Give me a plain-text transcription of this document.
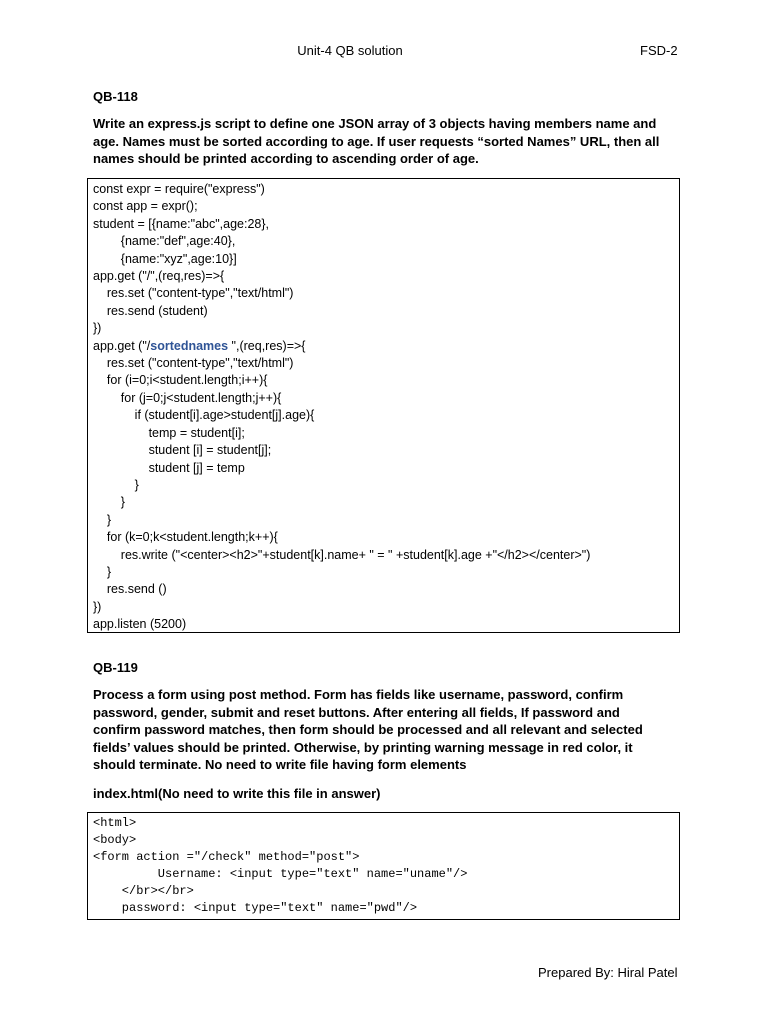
Unit-4 QB solution	FSD-2
QB-118
Write an express.js script to define one JSON array of 3 objects having members name and age. Names must be sorted according to age. If user requests “sorted Names” URL, then all names should be printed according to ascending order of age.
const expr = require("express")
const app = expr();
student = [{name:"abc",age:28},
{name:"def",age:40},
{name:"xyz",age:10}]
app.get ("/",(req,res)=>{
res.set ("content-type","text/html")
res.send (student)
})
app.get ("/sortednames ",(req,res)=>{
res.set ("content-type","text/html")
for (i=0;i<student.length;i++){
for (j=0;j<student.length;j++){
if (student[i].age>student[j].age){
temp = student[i];
student [i] = student[j];
student [j] = temp
}
}
}
for (k=0;k<student.length;k++){
res.write ("<center><h2>"+student[k].name+ " = " +student[k].age +"</h2></center>")
}
res.send ()
})
app.listen (5200)
QB-119
Process a form using post method. Form has fields like username, password, confirm password, gender, submit and reset buttons. After entering all fields, If password and confirm password matches, then form should be processed and all relevant and selected fields’ values should be printed. Otherwise, by printing warning message in red color, it should terminate. No need to write file having form elements
index.html(No need to write this file in answer)
<html>
<body>
<form action ="/check" method="post">
Username: <input type="text" name="uname"/>
</br></br>
password: <input type="text" name="pwd"/>
Prepared By: Hiral Patel
